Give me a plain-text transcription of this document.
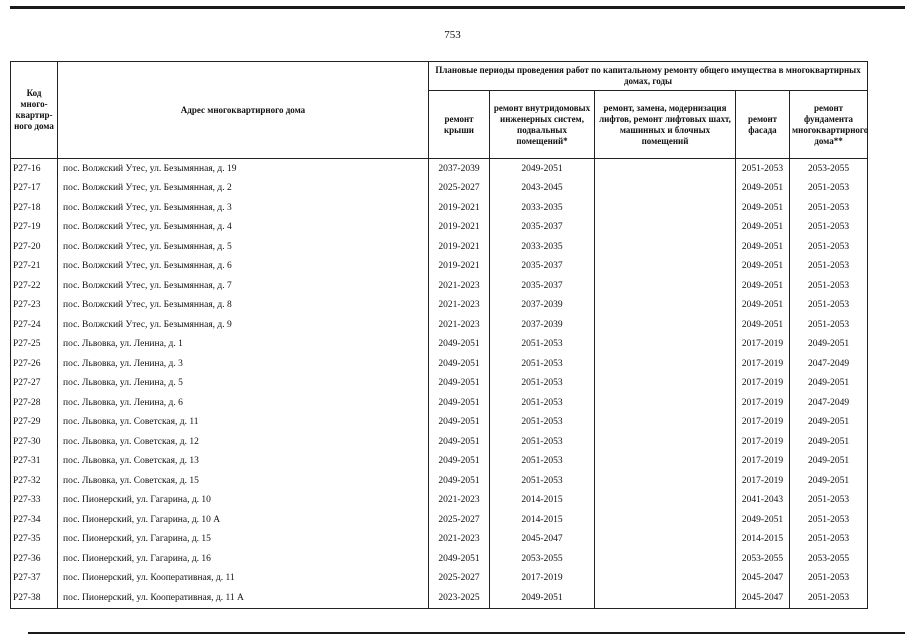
753
Код много-квартир-ного дома	Адрес многоквартирного дома	Плановые периоды проведения работ по капитальному ремонту общего имущества в многоквартирных домах, годы				
		ремонт крыши	ремонт внутридомовых инженерных систем, подвальных помещений*	ремонт, замена, модернизация лифтов, ремонт лифтовых шахт, машинных и блочных помещений	ремонт фасада	ремонт фундамента многоквартирного дома**
Р27-16	пос. Волжский Утес, ул. Безымянная, д. 19	2037-2039	2049-2051		2051-2053	2053-2055
Р27-17	пос. Волжский Утес, ул. Безымянная, д. 2	2025-2027	2043-2045		2049-2051	2051-2053
Р27-18	пос. Волжский Утес, ул. Безымянная, д. 3	2019-2021	2033-2035		2049-2051	2051-2053
Р27-19	пос. Волжский Утес, ул. Безымянная, д. 4	2019-2021	2035-2037		2049-2051	2051-2053
Р27-20	пос. Волжский Утес, ул. Безымянная, д. 5	2019-2021	2033-2035		2049-2051	2051-2053
Р27-21	пос. Волжский Утес, ул. Безымянная, д. 6	2019-2021	2035-2037		2049-2051	2051-2053
Р27-22	пос. Волжский Утес, ул. Безымянная, д. 7	2021-2023	2035-2037		2049-2051	2051-2053
Р27-23	пос. Волжский Утес, ул. Безымянная, д. 8	2021-2023	2037-2039		2049-2051	2051-2053
Р27-24	пос. Волжский Утес, ул. Безымянная, д. 9	2021-2023	2037-2039		2049-2051	2051-2053
Р27-25	пос. Львовка, ул. Ленина, д. 1	2049-2051	2051-2053		2017-2019	2049-2051
Р27-26	пос. Львовка, ул. Ленина, д. 3	2049-2051	2051-2053		2017-2019	2047-2049
Р27-27	пос. Львовка, ул. Ленина, д. 5	2049-2051	2051-2053		2017-2019	2049-2051
Р27-28	пос. Львовка, ул. Ленина, д. 6	2049-2051	2051-2053		2017-2019	2047-2049
Р27-29	пос. Львовка, ул. Советская, д. 11	2049-2051	2051-2053		2017-2019	2049-2051
Р27-30	пос. Львовка, ул. Советская, д. 12	2049-2051	2051-2053		2017-2019	2049-2051
Р27-31	пос. Львовка, ул. Советская, д. 13	2049-2051	2051-2053		2017-2019	2049-2051
Р27-32	пос. Львовка, ул. Советская, д. 15	2049-2051	2051-2053		2017-2019	2049-2051
Р27-33	пос. Пионерский, ул. Гагарина, д. 10	2021-2023	2014-2015		2041-2043	2051-2053
Р27-34	пос. Пионерский, ул. Гагарина, д. 10 А	2025-2027	2014-2015		2049-2051	2051-2053
Р27-35	пос. Пионерский, ул. Гагарина, д. 15	2021-2023	2045-2047		2014-2015	2051-2053
Р27-36	пос. Пионерский, ул. Гагарина, д. 16	2049-2051	2053-2055		2053-2055	2053-2055
Р27-37	пос. Пионерский, ул. Кооперативная, д. 11	2025-2027	2017-2019		2045-2047	2051-2053
Р27-38	пос. Пионерский, ул. Кооперативная, д. 11 А	2023-2025	2049-2051		2045-2047	2051-2053
